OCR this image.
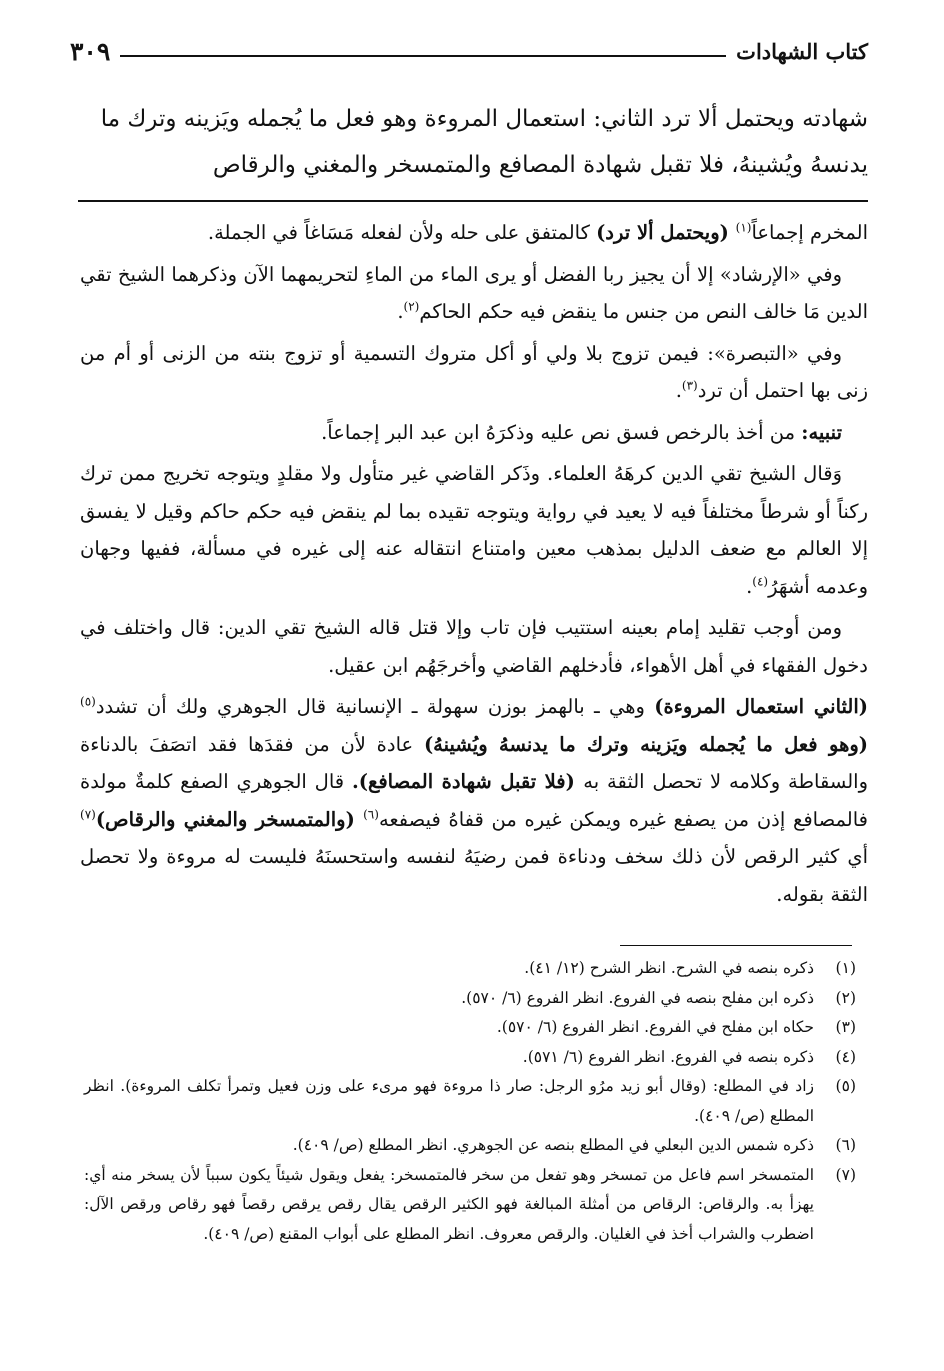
كتاب الشهادات
٣٠٩
شهادته ويحتمل ألا ترد الثاني: استعمال المروءة وهو فعل ما يُجمله ويَزينه وترك ما
يدنسهُ ويُشينهُ، فلا تقبل شهادة المصافع والمتمسخر والمغني والرقاص

المخرم إجماعاً$^{(١)}$ (ويحتمل ألا ترد) كالمتفق على حله ولأن لفعله مَسَاغاً في الجملة.

وفي «الإرشاد» إلا أن يجيز ربا الفضل أو يرى الماء من الماءِ لتحريمهما الآن وذكرهما الشيخ تقي الدين مَا خالف النص من جنس ما ينقض فيه حكم الحاكم$^{(٢)}$.

وفي «التبصرة»: فيمن تزوج بلا ولي أو أكل متروك التسمية أو تزوج بنته من الزنى أو أم من زنى بها احتمل أن ترد$^{(٣)}$.

تنبيه: من أخذ بالرخص فسق نص عليه وذكرَهُ ابن عبد البر إجماعاً.

وَقال الشيخ تقي الدين كرهَهُ العلماء. وذَكر القاضي غير متأول ولا مقلدٍ ويتوجه تخريج ممن ترك ركناً أو شرطاً مختلفاً فيه لا يعيد في رواية ويتوجه تقيده بما لم ينقض فيه حكم حاكم وقيل لا يفسق إلا العالم مع ضعف الدليل بمذهب معين وامتناع انتقاله عنه إلى غيره في مسألة، ففيها وجهان وعدمه أشهَرُ$^{(٤)}$.

ومن أوجب تقليد إمام بعينه استتيب فإن تاب وإلا قتل قاله الشيخ تقي الدين: قال واختلف في دخول الفقهاء في أهل الأهواء، فأدخلهم القاضي وأخرجَهُم ابن عقيل.

(الثاني استعمال المروءة) وهي ـ بالهمز بوزن سهولة ـ الإنسانية قال الجوهري ولك أن تشدد$^{(٥)}$ (وهو فعل ما يُجمله ويَزينه وترك ما يدنسهُ ويُشينهُ) عادة لأن من فقدَها فقد اتصَفَ بالدناءة والسقاطة وكلامه لا تحصل الثقة به (فلا تقبل شهادة المصافع). قال الجوهري الصفع كلمةٌ مولدة فالمصافع إذن من يصفع غيره ويمكن غيره من قفاهُ فيصفعه$^{(٦)}$ (والمتمسخر والمغني والرقاص)$^{(٧)}$ أي كثير الرقص لأن ذلك سخف ودناءة فمن رضيَهُ لنفسه واستحسنَهُ فليست له مروءة ولا تحصل الثقة بقوله.

(١)
ذكره بنصه في الشرح. انظر الشرح (١٢/ ٤١).
(٢)
ذكره ابن مفلح بنصه في الفروع. انظر الفروع (٦/ ٥٧٠).
(٣)
حكاه ابن مفلح في الفروع. انظر الفروع (٦/ ٥٧٠).
(٤)
ذكره بنصه في الفروع. انظر الفروع (٦/ ٥٧١).
(٥)
زاد في المطلع: (وقال أبو زيد مرُو الرجل: صار ذا مروءة فهو مرىء على وزن فعيل وتمرأ تكلف المروءة). انظر المطلع (ص/ ٤٠٩).
(٦)
ذكره شمس الدين البعلي في المطلع بنصه عن الجوهري. انظر المطلع (ص/ ٤٠٩).
(٧)
المتمسخر اسم فاعل من تمسخر وهو تفعل من سخر فالمتمسخر: يفعل ويقول شيئاً يكون سبباً لأن يسخر منه أي: يهزأ به. والرقاص: الرقاص من أمثلة المبالغة فهو الكثير الرقص يقال رقص يرقص رقصاً فهو رقاص ورقص الآل: اضطرب والشراب أخذ في الغليان. والرقص معروف. انظر المطلع على أبواب المقنع (ص/ ٤٠٩).
